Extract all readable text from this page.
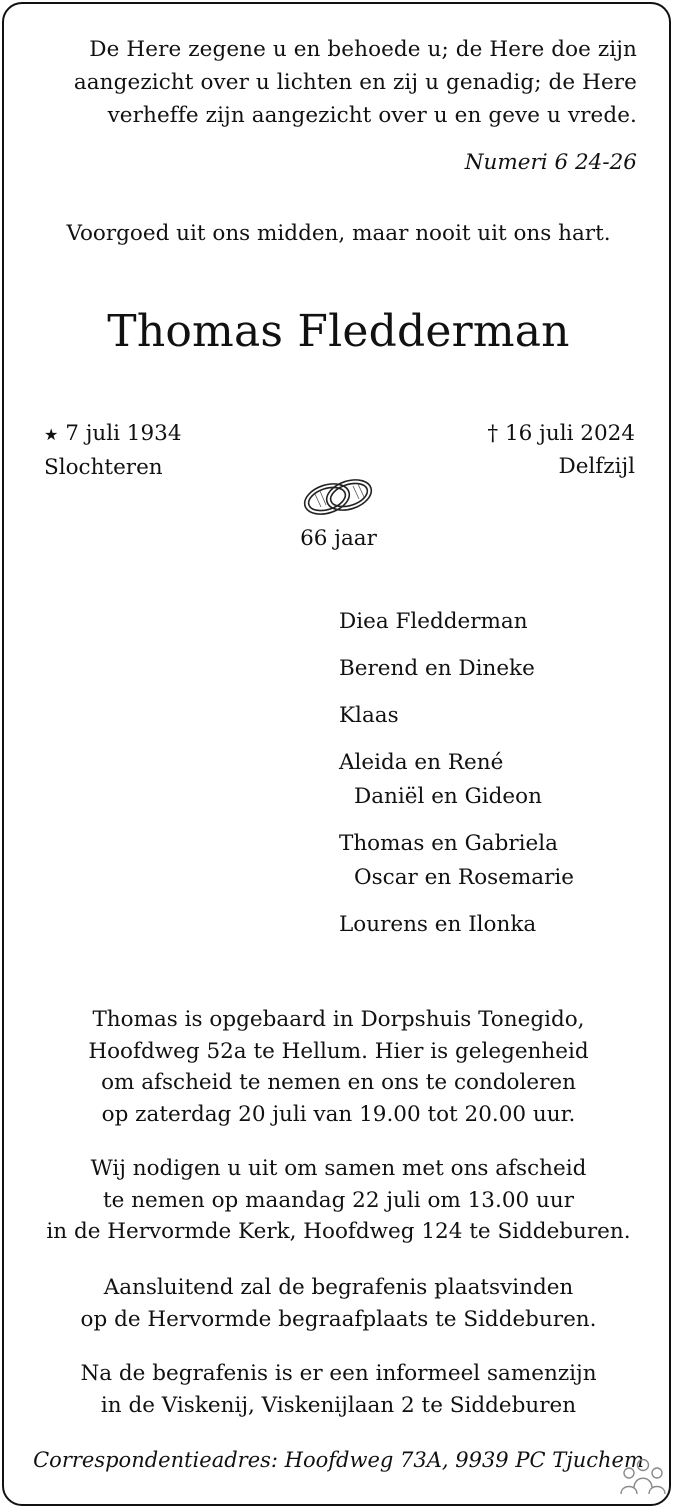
De Here zegene u en behoede u; de Here doe zijn
aangezicht over u lichten en zij u genadig; de Here
verheffe zijn aangezicht over u en geve u vrede.

Numeri 6 24-26

Voorgoed uit ons midden, maar nooit uit ons hart.

Thomas Fledderman
★ 7 juli 1934
Slochteren
† 16 juli 2024
Delfzijl

66 jaar

Diea Fledderman
Berend en Dineke
Klaas
Aleida en René
Daniël en Gideon
Thomas en Gabriela
Oscar en Rosemarie
Lourens en Ilonka
Thomas is opgebaard in Dorpshuis Tonegido,
Hoofdweg 52a te Hellum. Hier is gelegenheid
om afscheid te nemen en ons te condoleren
op zaterdag 20 juli van 19.00 tot 20.00 uur.
Wij nodigen u uit om samen met ons afscheid
te nemen op maandag 22 juli om 13.00 uur
in de Hervormde Kerk, Hoofdweg 124 te Siddeburen.
Aansluitend zal de begrafenis plaatsvinden
op de Hervormde begraafplaats te Siddeburen.
Na de begrafenis is er een informeel samenzijn
in de Viskenij, Viskenijlaan 2 te Siddeburen

Correspondentieadres: Hoofdweg 73A, 9939 PC Tjuchem
